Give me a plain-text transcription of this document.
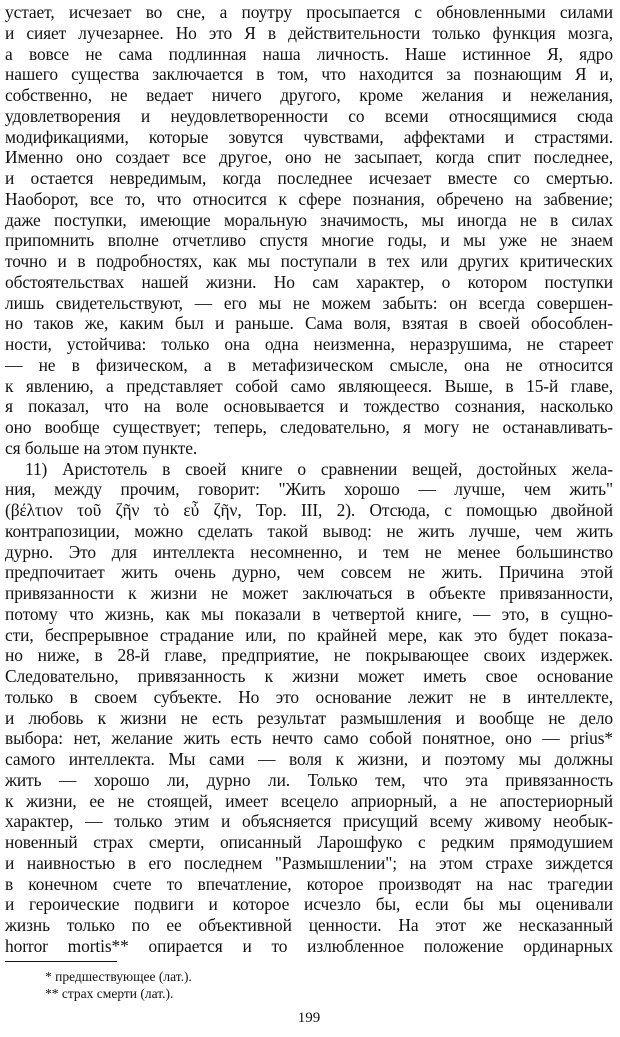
устает, исчезает во сне, а поутру просыпается с обновленными силами
и сияет лучезарнее. Но это Я в действительности только функция мозга,
а вовсе не сама подлинная наша личность. Наше истинное Я, ядро
нашего существа заключается в том, что находится за познающим Я и,
собственно, не ведает ничего другого, кроме желания и нежелания,
удовлетворения и неудовлетворенности со всеми относящимися сюда
модификациями, которые зовутся чувствами, аффектами и страстями.
Именно оно создает все другое, оно не засыпает, когда спит последнее,
и остается невредимым, когда последнее исчезает вместе со смертью.
Наоборот, все то, что относится к сфере познания, обречено на забвение;
даже поступки, имеющие моральную значимость, мы иногда не в силах
припомнить вполне отчетливо спустя многие годы, и мы уже не знаем
точно и в подробностях, как мы поступали в тех или других критических
обстоятельствах нашей жизни. Но сам характер, о котором поступки
лишь свидетельствуют, — его мы не можем забыть: он всегда совершен-
но таков же, каким был и раньше. Сама воля, взятая в своей обособлен-
ности, устойчива: только она одна неизменна, неразрушима, не стареет
— не в физическом, а в метафизическом смысле, она не относится
к явлению, а представляет собой само являющееся. Выше, в 15-й главе,
я показал, что на воле основывается и тождество сознания, насколько
оно вообще существует; теперь, следовательно, я могу не останавливать-
ся больше на этом пункте.
11) Аристотель в своей книге о сравнении вещей, достойных жела-
ния, между прочим, говорит: "Жить хорошо — лучше, чем жить"
(βέλτιον τοῦ ζῆν τὸ εὖ ζῆν, Top. III, 2). Отсюда, с помощью двойной
контрапозиции, можно сделать такой вывод: не жить лучше, чем жить
дурно. Это для интеллекта несомненно, и тем не менее большинство
предпочитает жить очень дурно, чем совсем не жить. Причина этой
привязанности к жизни не может заключаться в объекте привязанности,
потому что жизнь, как мы показали в четвертой книге, — это, в сущно-
сти, беспрерывное страдание или, по крайней мере, как это будет показа-
но ниже, в 28-й главе, предприятие, не покрывающее своих издержек.
Следовательно, привязанность к жизни может иметь свое основание
только в своем субъекте. Но это основание лежит не в интеллекте,
и любовь к жизни не есть результат размышления и вообще не дело
выбора: нет, желание жить есть нечто само собой понятное, оно — prius*
самого интеллекта. Мы сами — воля к жизни, и поэтому мы должны
жить — хорошо ли, дурно ли. Только тем, что эта привязанность
к жизни, ее не стоящей, имеет всецело априорный, а не апостериорный
характер, — только этим и объясняется присущий всему живому необык-
новенный страх смерти, описанный Ларошфуко с редким прямодушием
и наивностью в его последнем "Размышлении"; на этом страхе зиждется
в конечном счете то впечатление, которое производят на нас трагедии
и героические подвиги и которое исчезло бы, если бы мы оценивали
жизнь только по ее объективной ценности. На этот же несказанный
horror mortis** опирается и то излюбленное положение ординарных
* предшествующее (лат.).
** страх смерти (лат.).
199
